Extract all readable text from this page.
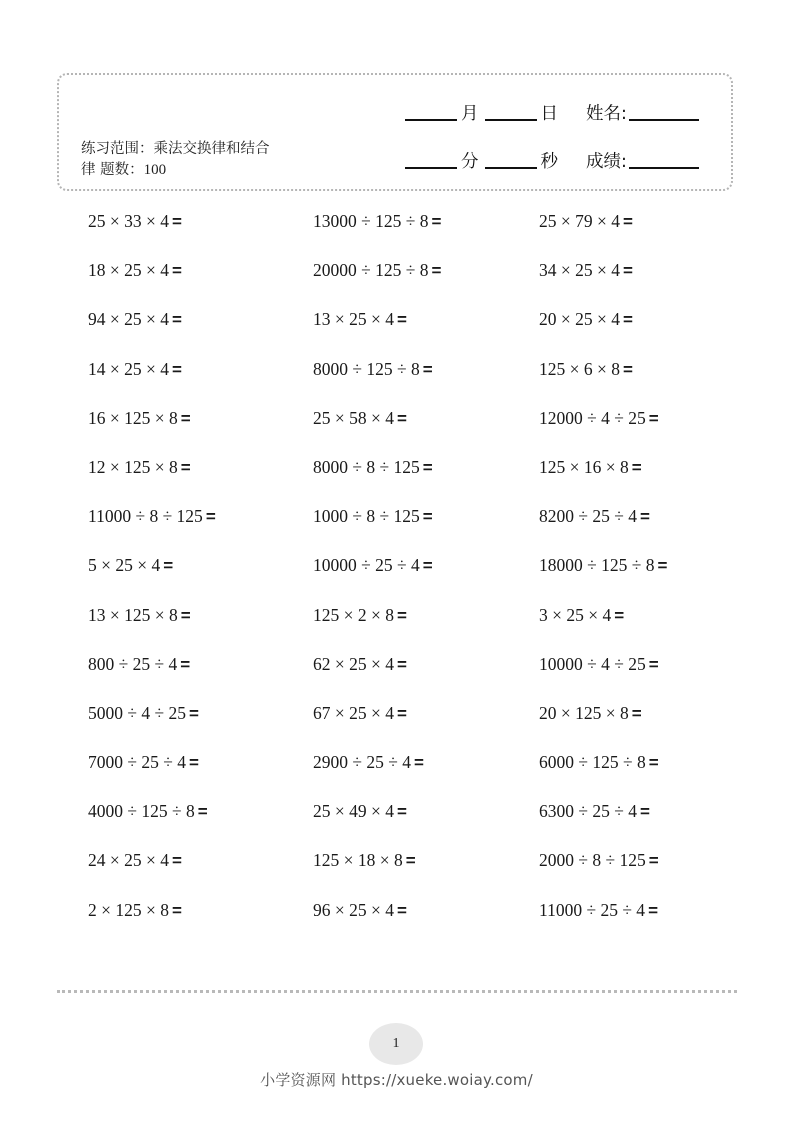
练习范围：乘法交换律和结合
律 题数：100
月	日 姓名:
分	秒 成绩:
25 × 33 × 4 =	13000 ÷ 125 ÷ 8 =	25 × 79 × 4 =
18 × 25 × 4 =	20000 ÷ 125 ÷ 8 =	34 × 25 × 4 =
94 × 25 × 4 =	13 × 25 × 4 =	20 × 25 × 4 =
14 × 25 × 4 =	8000 ÷ 125 ÷ 8 =	125 × 6 × 8 =
16 × 125 × 8 =	25 × 58 × 4 =	12000 ÷ 4 ÷ 25 =
12 × 125 × 8 =	8000 ÷ 8 ÷ 125 =	125 × 16 × 8 =
11000 ÷ 8 ÷ 125 =	1000 ÷ 8 ÷ 125 =	8200 ÷ 25 ÷ 4 =
5 × 25 × 4 =	10000 ÷ 25 ÷ 4 =	18000 ÷ 125 ÷ 8 =
13 × 125 × 8 =	125 × 2 × 8 =	3 × 25 × 4 =
800 ÷ 25 ÷ 4 =	62 × 25 × 4 =	10000 ÷ 4 ÷ 25 =
5000 ÷ 4 ÷ 25 =	67 × 25 × 4 =	20 × 125 × 8 =
7000 ÷ 25 ÷ 4 =	2900 ÷ 25 ÷ 4 =	6000 ÷ 125 ÷ 8 =
4000 ÷ 125 ÷ 8 =	25 × 49 × 4 =	6300 ÷ 25 ÷ 4 =
24 × 25 × 4 =	125 × 18 × 8 =	2000 ÷ 8 ÷ 125 =
2 × 125 × 8 =	96 × 25 × 4 =	11000 ÷ 25 ÷ 4 =
1
小学资源网 https://xueke.woiay.com/
